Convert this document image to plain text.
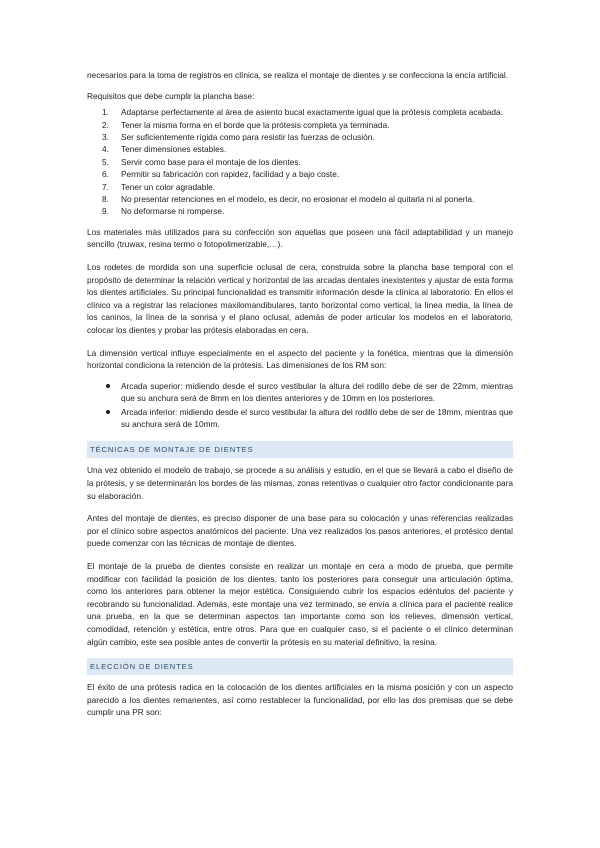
necesarios para la toma de registros en clínica, se realiza el montaje de dientes y se confecciona la encía artificial.

Requisitos que debe cumplir la plancha base:

1. Adaptarse perfectamente al área de asiento bucal exactamente igual que la prótesis completa acabada.
2. Tener la misma forma en el borde que la prótesis completa ya terminada.
3. Ser suficientemente rígida como para resistir las fuerzas de oclusión.
4. Tener dimensiones estables.
5. Servir como base para el montaje de los dientes.
6. Permitir su fabricación con rapidez, facilidad y a bajo coste.
7. Tener un color agradable.
8. No presentar retenciones en el modelo, es decir, no erosionar el modelo al quitarla ni al ponerla.
9. No deformarse ni romperse.

Los materiales más utilizados para su confección son aquellas que poseen una fácil adaptabilidad y un manejo sencillo (truwax, resina termo o fotopolimerizable,…).

Los rodetes de mordida son una superficie oclusal de cera, construida sobre la plancha base temporal con el propósito de determinar la relación vertical y horizontal de las arcadas dentales inexistentes y ajustar de esta forma los dientes artificiales. Su principal funcionalidad es transmitir información desde la clínica al laboratorio. En ellos el clínico va a registrar las relaciones maxilomandibulares, tanto horizontal como vertical, la línea media, la línea de los caninos, la línea de la sonrisa y el plano oclusal, además de poder articular los modelos en el laboratorio, colocar los dientes y probar las prótesis elaboradas en cera.

La dimensión vertical influye especialmente en el aspecto del paciente y la fonética, mientras que la dimensión horizontal condiciona la retención de la prótesis. Las dimensiones de los RM son:

Arcada superior: midiendo desde el surco vestibular la altura del rodillo debe de ser de 22mm, mientras que su anchura será de 8mm en los dientes anteriores y de 10mm en los posteriores.
Arcada inferior: midiendo desde el surco vestibular la altura del rodillo debe de ser de 18mm, mientras que su anchura será de 10mm.
TÉCNICAS DE MONTAJE DE DIENTES

Una vez obtenido el modelo de trabajo, se procede a su análisis y estudio, en el que se llevará a cabo el diseño de la prótesis, y se determinarán los bordes de las mismas, zonas retentivas o cualquier otro factor condicionante para su elaboración.

Antes del montaje de dientes, es preciso disponer de una base para su colocación y unas referencias realizadas por el clínico sobre aspectos anatómicos del paciente. Una vez realizados los pasos anteriores, el protésico dental puede comenzar con las técnicas de montaje de dientes.

El montaje de la prueba de dientes consiste en realizar un montaje en cera a modo de prueba, que permite modificar con facilidad la posición de los dientes, tanto los posteriores para conseguir una articulación óptima, como los anteriores para obtener la mejor estética. Consiguiendo cubrir los espacios edéntulos del paciente y recobrando su funcionalidad. Además, este montaje una vez terminado, se envía a clínica para el paciente realice una prueba, en la que se determinan aspectos tan importante como son los relieves, dimensión vertical, comodidad, retención y estética, entre otros. Para que en cualquier caso, si el paciente o el clínico determinan algún cambio, este sea posible antes de convertir la prótesis en su material definitivo, la resina.

ELECCIÓN DE DIENTES

El éxito de una prótesis radica en la colocación de los dientes artificiales en la misma posición y con un aspecto parecido a los dientes remanentes, así como restablecer la funcionalidad, por ello las dos premisas que se debe cumplir una PR son:
